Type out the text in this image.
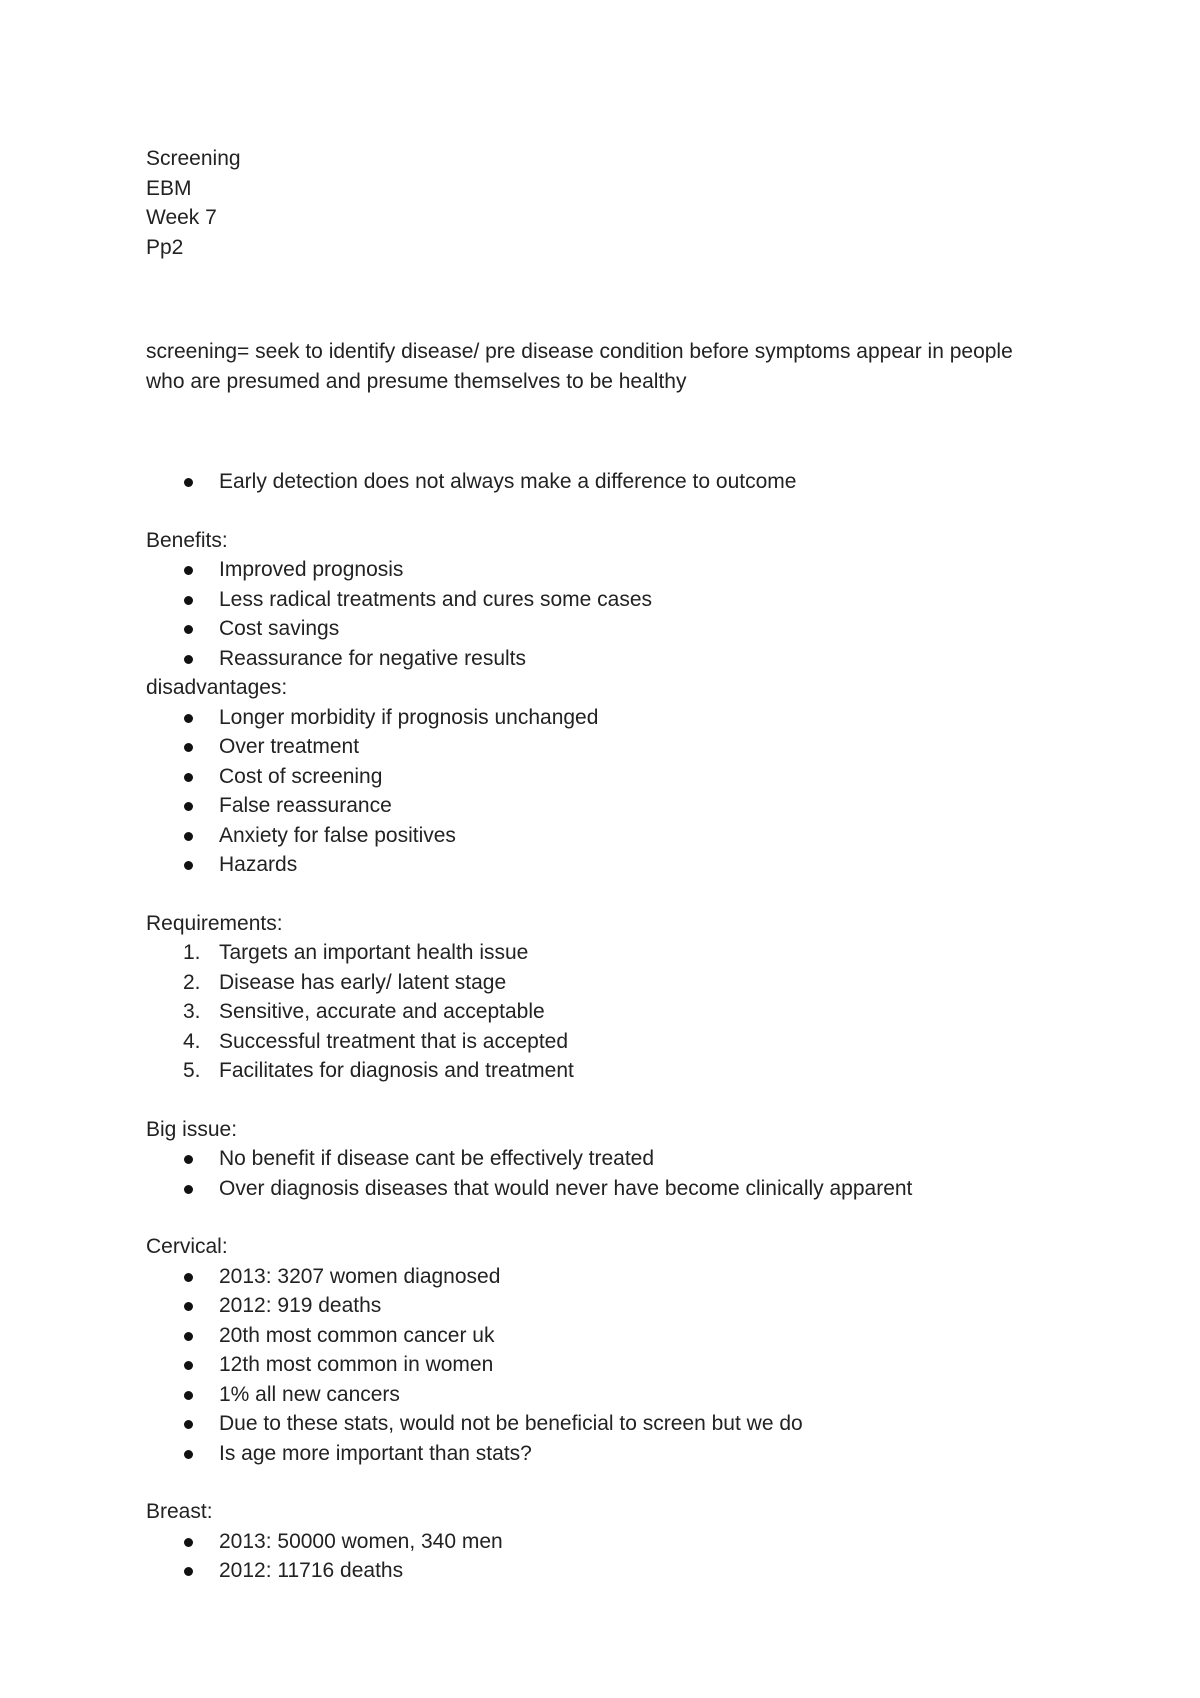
Screening

EBM

Week 7

Pp2

screening= seek to identify disease/ pre disease condition before symptoms appear in people who are presumed and presume themselves to be healthy

Early detection does not always make a difference to outcome

Benefits:

Improved prognosis
Less radical treatments and cures some cases
Cost savings
Reassurance for negative results

disadvantages:

Longer morbidity if prognosis unchanged
Over treatment
Cost of screening
False reassurance
Anxiety for false positives
Hazards

Requirements:

1. Targets an important health issue
2. Disease has early/ latent stage
3. Sensitive, accurate and acceptable
4. Successful treatment that is accepted
5. Facilitates for diagnosis and treatment

Big issue:

No benefit if disease cant be effectively treated
Over diagnosis diseases that would never have become clinically apparent

Cervical:

2013: 3207 women diagnosed
2012: 919 deaths
20th most common cancer uk
12th most common in women
1% all new cancers
Due to these stats, would not be beneficial to screen but we do
Is age more important than stats?

Breast:

2013: 50000 women, 340 men
2012: 11716 deaths
